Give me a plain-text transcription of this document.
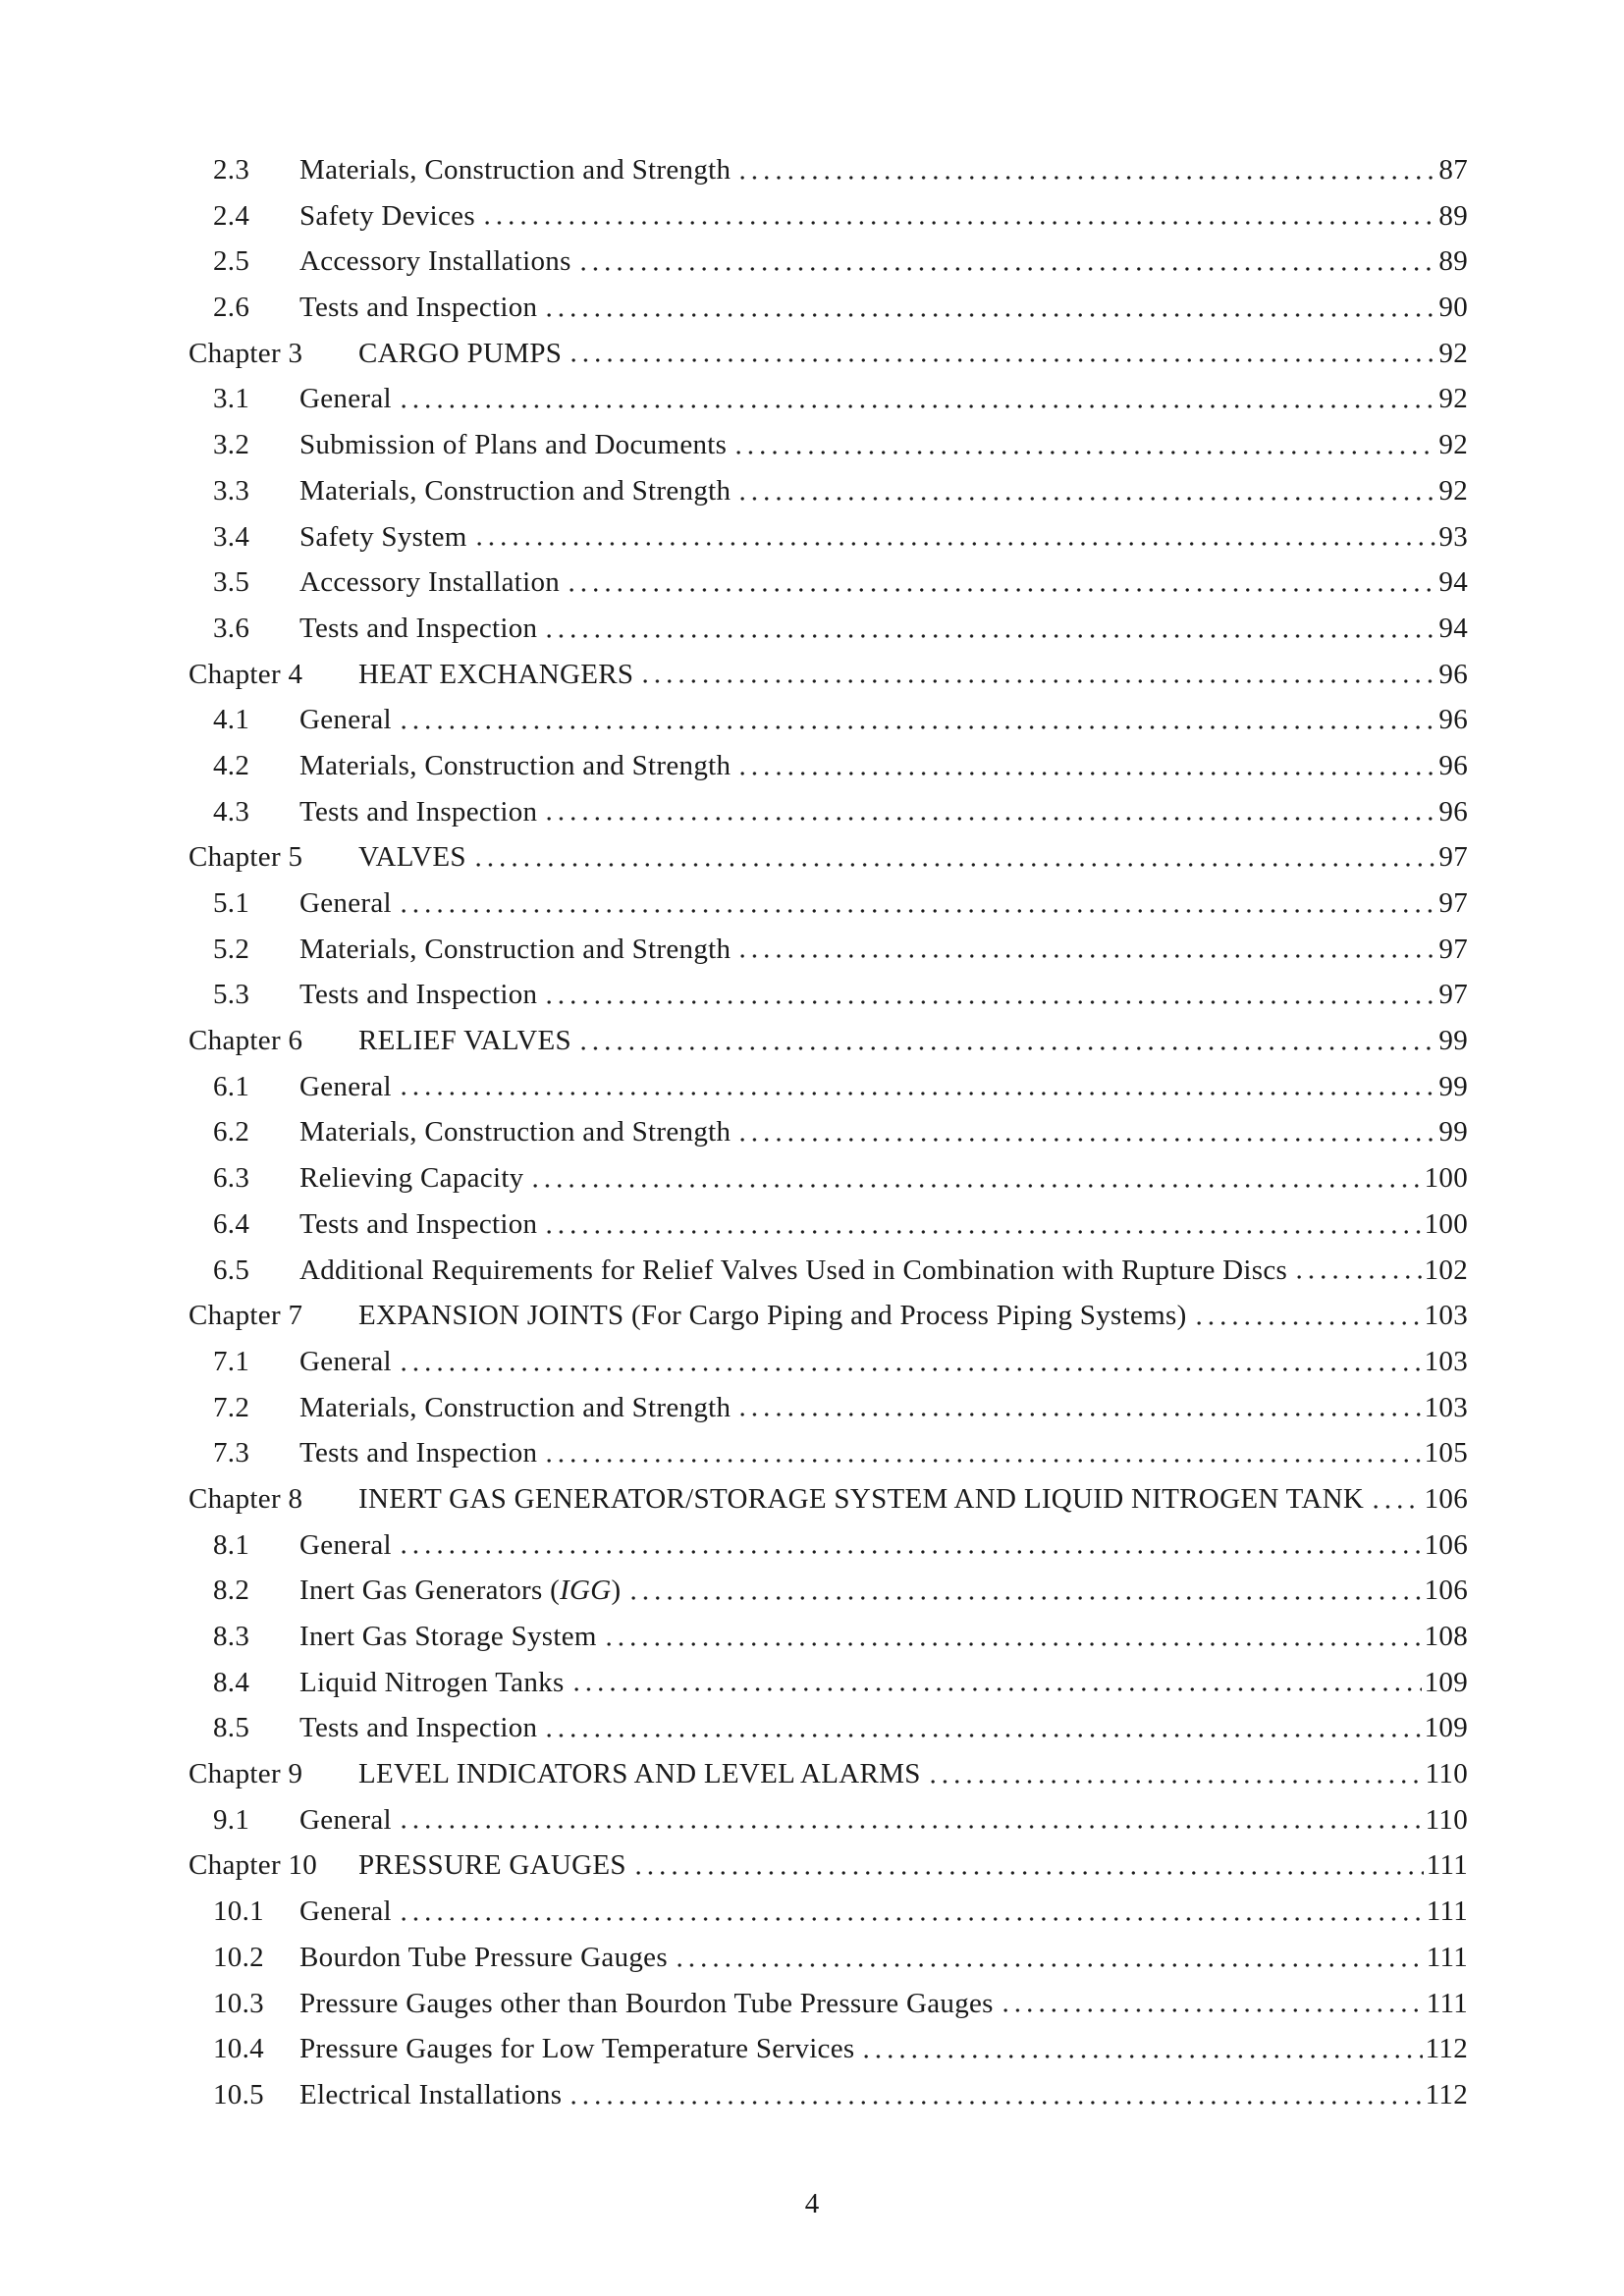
2.3	Materials, Construction and Strength	87
2.4	Safety Devices	89
2.5	Accessory Installations	89
2.6	Tests and Inspection	90
Chapter 3	CARGO PUMPS	92
3.1	General	92
3.2	Submission of Plans and Documents	92
3.3	Materials, Construction and Strength	92
3.4	Safety System	93
3.5	Accessory Installation	94
3.6	Tests and Inspection	94
Chapter 4	HEAT EXCHANGERS	96
4.1	General	96
4.2	Materials, Construction and Strength	96
4.3	Tests and Inspection	96
Chapter 5	VALVES	97
5.1	General	97
5.2	Materials, Construction and Strength	97
5.3	Tests and Inspection	97
Chapter 6	RELIEF VALVES	99
6.1	General	99
6.2	Materials, Construction and Strength	99
6.3	Relieving Capacity	100
6.4	Tests and Inspection	100
6.5	Additional Requirements for Relief Valves Used in Combination with Rupture Discs	102
Chapter 7	EXPANSION JOINTS (For Cargo Piping and Process Piping Systems)	103
7.1	General	103
7.2	Materials, Construction and Strength	103
7.3	Tests and Inspection	105
Chapter 8	INERT GAS GENERATOR/STORAGE SYSTEM AND LIQUID NITROGEN TANK 106
8.1	General	106
8.2	Inert Gas Generators (IGG)	106
8.3	Inert Gas Storage System	108
8.4	Liquid Nitrogen Tanks	109
8.5	Tests and Inspection	109
Chapter 9	LEVEL INDICATORS AND LEVEL ALARMS	110
9.1	General	110
Chapter 10	PRESSURE GAUGES	111
10.1	General	111
10.2	Bourdon Tube Pressure Gauges	111
10.3	Pressure Gauges other than Bourdon Tube Pressure Gauges	111
10.4	Pressure Gauges for Low Temperature Services	112
10.5	Electrical Installations	112
4
